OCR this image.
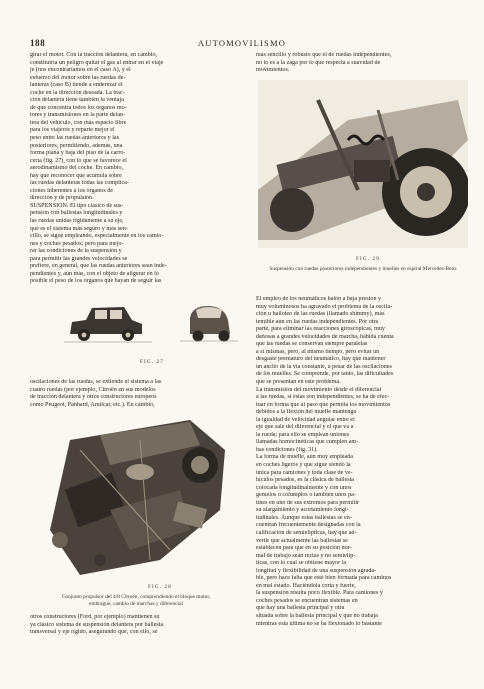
188	AUTOMOVILISMO

girar el motor. Con la tracción delantera, en cambio,

constituiría un peligro quitar el gas al entrar en el viaje

je (nos encontraríamos en el caso A), y el

esfuerzo del motor sobre las ruedas de-

lanteras (caso B) tiende a enderezar el

coche en la dirección deseada. La trac-

ción delantera tiene también la ventaja

de que concentra todos los órganos mo-

tores y transmisiones en la parte delan-

tera del vehículo, con más espacio libre

para los viajeros y reparte mejor el

peso entre las ruedas anteriores y las

posteriores, permitiendo, además, una

forma plana y baja del piso de la carro-

cería (fig. 27), con lo que se favorece el

aerodinamismo del coche. En cambio,

hay que reconocer que acumula sobre

las ruedas delanteras todas las complica-

ciones inherentes a los órganos de

dirección y de propulsión.

SUSPENSIÓN. El tipo clásico de sus-

pensión con ballestas longitudinales y

las ruedas unidas rígidamente a su eje,

que es el sistema más seguro y más sen-

cillo, se sigue empleando, especialmente en los camio-

nes y coches pesados; pero para mejo-

rar las condiciones de la suspensión y

para permitir las grandes velocidades se

prefiere, en general, que las ruedas anteriores sean inde-

pendientes y, aún más, con el objeto de aligerar en lo

posible el peso de los órganos que hayan de seguir las

FIG. 27

oscilaciones de las ruedas, se extiende el sistema a las

cuatro ruedas (por ejemplo, Citroën en sus modelos

de tracción delantera y otros constructores europeos

como Peugeot, Panhard, Amilcar, etc.). En cambio,

FIG. 28
Conjunto propulsor del 4/8 Citroën, comprendiendo el bloque motor,
embrague, cambio de marchas y diferencial

otros constructores (Ford, por ejemplo) mantienen su

ya clásico sistema de suspensión delantera por ballesta

transversal y eje rígido, asegurando que, con ello, se

más sencillo y robusto que el de ruedas independientes,

no lo es a la zaga por lo que respecta a suavidad de

movimientos.

FIG. 29
Suspensión con ruedas posteriores independientes y muelles en espiral Mercedes-Benz

El empleo de los neumáticos balón a baja presión y

muy voluminosos ha agravado el problema de la oscila-

ción u bailoteo de las ruedas (llamado shimmy), más

temible aún en las ruedas independientes. Por otra

parte, para eliminar las reacciones giroscópicas, muy

dañosas a grandes velocidades de marcha, habida cuenta

que las ruedas se conservan siempre paralelas

a sí mismas, pero, al mismo tiempo, pero evitar un

desgaste prematuro del neumático, hay que mantener

un ancho de la vía constante, a pesar de las oscilaciones

de los muelles. Se comprende, por tanto, las dificultades

que se presentan en este problema.

La transmisión del movimiento desde el diferencial

a las ruedas, si éstas son independientes, se ha de efec-

tuar en forma que al paso que permita los movimientos

debidos a la flexión del muelle mantenga

la igualdad de velocidad angular entre el

eje que sale del diferencial y el que va a

la rueda; para ello se emplean uniones

llamadas homocinéticas que cumplen am-

bas condiciones (fig. 31).

La forma de muelle, aún muy empleada

en coches ligeros y que sigue siendo la

única para camiones y toda clase de ve-

hículos pesados, es la clásica de ballesta

colocada longitudinalmente y con unos

gemelos o columpios o también unos pa-

tines en uno de sus extremos para permitir

su alargamiento y acortamiento longi-

tudinales. Aunque estas ballestas se en-

cuentran frecuentemente designadas con la

calificación de semielípticas, hay que ad-

vertir que actualmente las ballestas se

establecen para que en su posición nor-

mal de trabajo sean rectas y no semielíp-

ticas, con lo cual se obtiene mayor la

longitud y flexibilidad de una suspensión agrada-

ble, pero hace falta que esté bien formada para caminos

en mal estado. Haciéndola corta y fuerte,

la suspensión resulta poco flexible. Para camiones y

coches pesados se encuentran sistemas en

que hay una ballesta principal y otra

situada sobre la ballesta principal y que no trabaja

mientras esta última no se ha flexionado lo bastante
